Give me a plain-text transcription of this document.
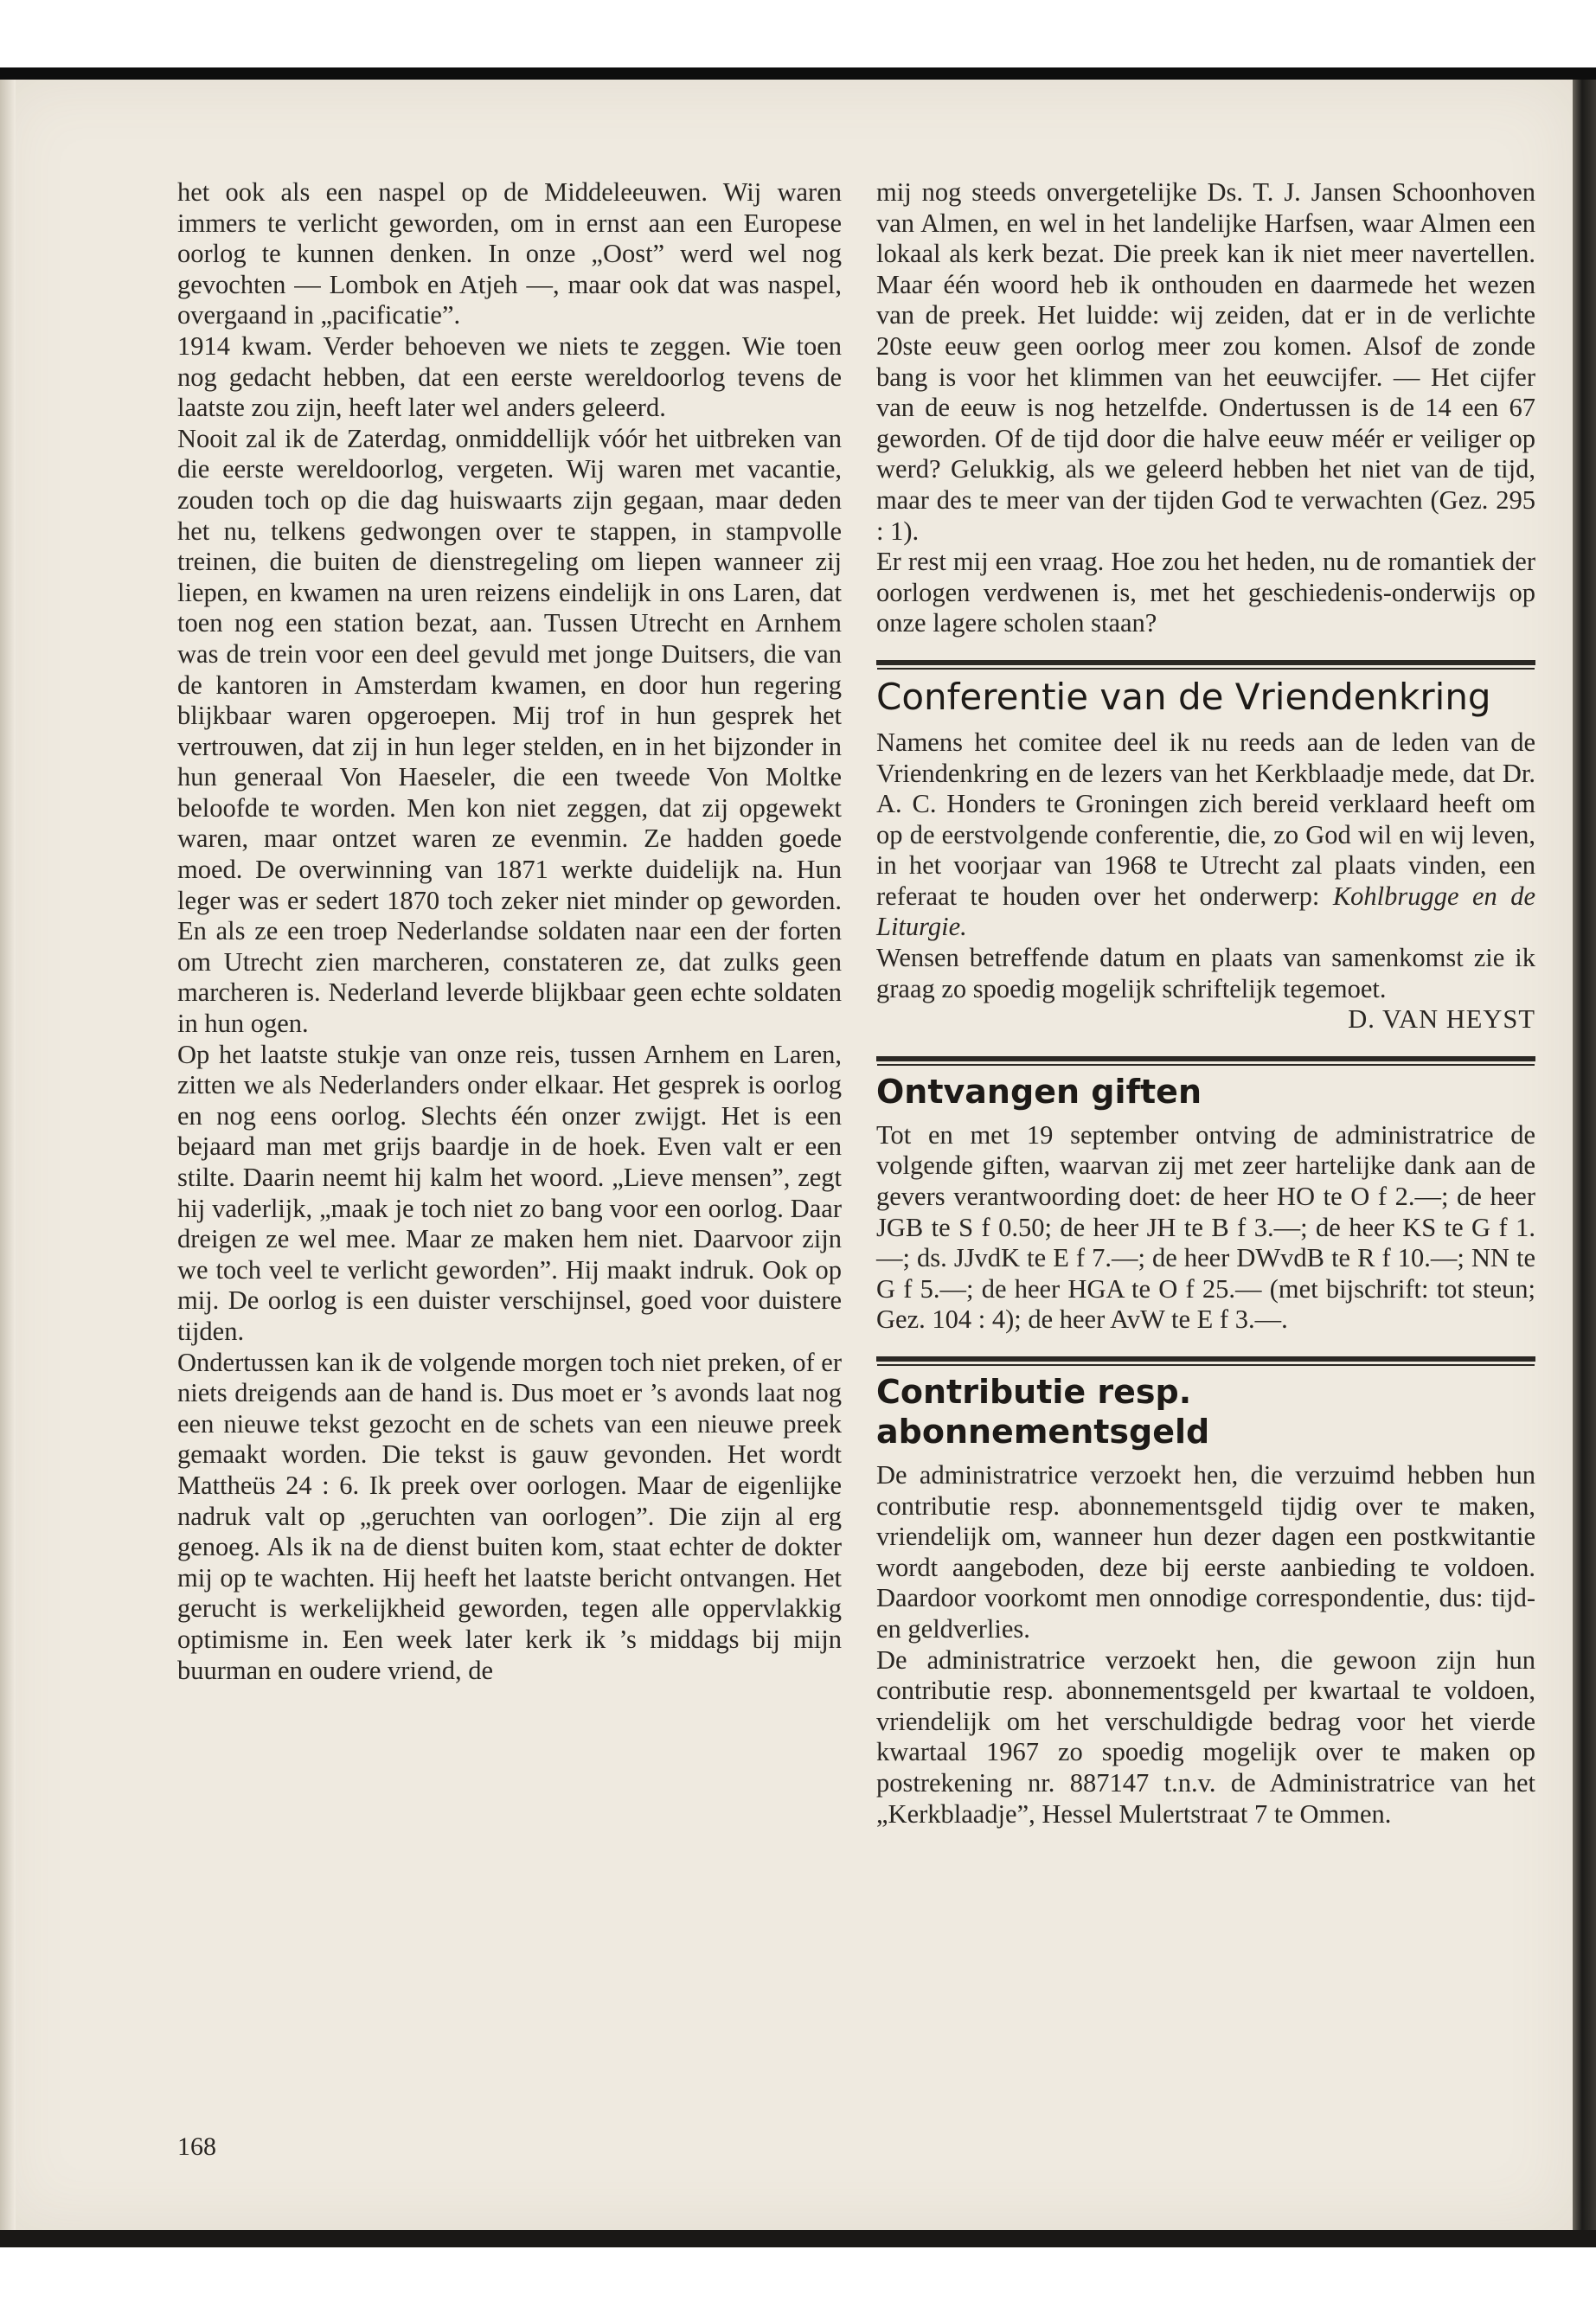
het ook als een naspel op de Middeleeuwen. Wij waren immers te verlicht geworden, om in ernst aan een Europese oorlog te kunnen denken. In onze „Oost” werd wel nog gevochten — Lombok en Atjeh —, maar ook dat was naspel, overgaand in „pacificatie”.

1914 kwam. Verder behoeven we niets te zeggen. Wie toen nog gedacht hebben, dat een eerste wereldoorlog tevens de laatste zou zijn, heeft later wel anders geleerd.

Nooit zal ik de Zaterdag, onmiddellijk vóór het uitbreken van die eerste wereldoorlog, vergeten. Wij waren met vacantie, zouden toch op die dag huiswaarts zijn gegaan, maar deden het nu, telkens gedwongen over te stappen, in stampvolle treinen, die buiten de dienstregeling om liepen wanneer zij liepen, en kwamen na uren reizens eindelijk in ons Laren, dat toen nog een station bezat, aan. Tussen Utrecht en Arnhem was de trein voor een deel gevuld met jonge Duitsers, die van de kantoren in Amsterdam kwamen, en door hun regering blijkbaar waren opgeroepen. Mij trof in hun gesprek het vertrouwen, dat zij in hun leger stelden, en in het bijzonder in hun generaal Von Haeseler, die een tweede Von Moltke beloofde te worden. Men kon niet zeggen, dat zij opgewekt waren, maar ontzet waren ze evenmin. Ze hadden goede moed. De overwinning van 1871 werkte duidelijk na. Hun leger was er sedert 1870 toch zeker niet minder op geworden. En als ze een troep Nederlandse soldaten naar een der forten om Utrecht zien marcheren, constateren ze, dat zulks geen marcheren is. Nederland leverde blijkbaar geen echte soldaten in hun ogen.

Op het laatste stukje van onze reis, tussen Arnhem en Laren, zitten we als Nederlanders onder elkaar. Het gesprek is oorlog en nog eens oorlog. Slechts één onzer zwijgt. Het is een bejaard man met grijs baardje in de hoek. Even valt er een stilte. Daarin neemt hij kalm het woord. „Lieve mensen”, zegt hij vaderlijk, „maak je toch niet zo bang voor een oorlog. Daar dreigen ze wel mee. Maar ze maken hem niet. Daarvoor zijn we toch veel te verlicht geworden”. Hij maakt indruk. Ook op mij. De oorlog is een duister verschijnsel, goed voor duistere tijden.

Ondertussen kan ik de volgende morgen toch niet preken, of er niets dreigends aan de hand is. Dus moet er ’s avonds laat nog een nieuwe tekst gezocht en de schets van een nieuwe preek gemaakt worden. Die tekst is gauw gevonden. Het wordt Mattheüs 24 : 6. Ik preek over oorlogen. Maar de eigenlijke nadruk valt op „geruchten van oorlogen”. Die zijn al erg genoeg. Als ik na de dienst buiten kom, staat echter de dokter mij op te wachten. Hij heeft het laatste bericht ontvangen. Het gerucht is werkelijkheid geworden, tegen alle oppervlakkig optimisme in. Een week later kerk ik ’s middags bij mijn buurman en oudere vriend, de

168

mij nog steeds onvergetelijke Ds. T. J. Jansen Schoonhoven van Almen, en wel in het landelijke Harfsen, waar Almen een lokaal als kerk bezat. Die preek kan ik niet meer navertellen. Maar één woord heb ik onthouden en daarmede het wezen van de preek. Het luidde: wij zeiden, dat er in de verlichte 20ste eeuw geen oorlog meer zou komen. Alsof de zonde bang is voor het klimmen van het eeuwcijfer. — Het cijfer van de eeuw is nog hetzelfde. Ondertussen is de 14 een 67 geworden. Of de tijd door die halve eeuw méér er veiliger op werd? Gelukkig, als we geleerd hebben het niet van de tijd, maar des te meer van der tijden God te verwachten (Gez. 295 : 1).

Er rest mij een vraag. Hoe zou het heden, nu de romantiek der oorlogen verdwenen is, met het geschiedenis-onderwijs op onze lagere scholen staan?

Conferentie van de Vriendenkring

Namens het comitee deel ik nu reeds aan de leden van de Vriendenkring en de lezers van het Kerkblaadje mede, dat Dr. A. C. Honders te Groningen zich bereid verklaard heeft om op de eerstvolgende conferentie, die, zo God wil en wij leven, in het voorjaar van 1968 te Utrecht zal plaats vinden, een referaat te houden over het onderwerp: Kohlbrugge en de Liturgie.

Wensen betreffende datum en plaats van samenkomst zie ik graag zo spoedig mogelijk schriftelijk tegemoet.

D. VAN HEYST

Ontvangen giften

Tot en met 19 september ontving de administratrice de volgende giften, waarvan zij met zeer hartelijke dank aan de gevers verantwoording doet: de heer HO te O f 2.—; de heer JGB te S f 0.50; de heer JH te B f 3.—; de heer KS te G f 1.—; ds. JJvdK te E f 7.—; de heer DWvdB te R f 10.—; NN te G f 5.—; de heer HGA te O f 25.— (met bijschrift: tot steun; Gez. 104 : 4); de heer AvW te E f 3.—.

Contributie resp. abonnementsgeld

De administratrice verzoekt hen, die verzuimd hebben hun contributie resp. abonnementsgeld tijdig over te maken, vriendelijk om, wanneer hun dezer dagen een postkwitantie wordt aangeboden, deze bij eerste aanbieding te voldoen. Daardoor voorkomt men onnodige correspondentie, dus: tijd- en geldverlies.

De administratrice verzoekt hen, die gewoon zijn hun contributie resp. abonnementsgeld per kwartaal te voldoen, vriendelijk om het verschuldigde bedrag voor het vierde kwartaal 1967 zo spoedig mogelijk over te maken op postrekening nr. 887147 t.n.v. de Administratrice van het „Kerkblaadje”, Hessel Mulertstraat 7 te Ommen.
